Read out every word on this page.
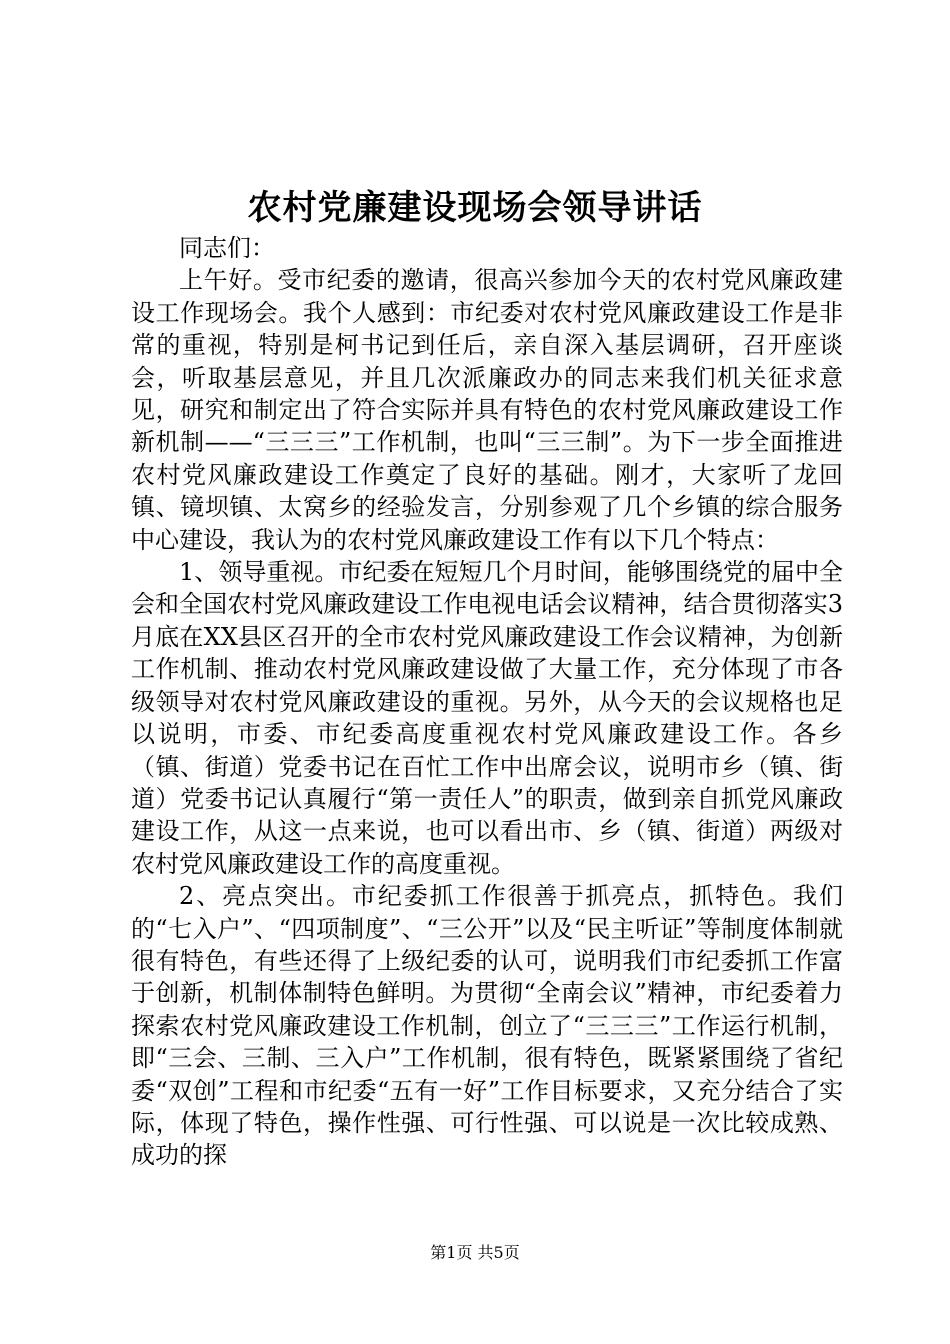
农村党廉建设现场会领导讲话

同志们：

上午好。受市纪委的邀请，很高兴参加今天的农村党风廉政建设工作现场会。我个人感到：市纪委对农村党风廉政建设工作是非常的重视，特别是柯书记到任后，亲自深入基层调研，召开座谈会，听取基层意见，并且几次派廉政办的同志来我们机关征求意见，研究和制定出了符合实际并具有特色的农村党风廉政建设工作新机制——“三三三”工作机制，也叫“三三制”。为下一步全面推进农村党风廉政建设工作奠定了良好的基础。刚才，大家听了龙回镇、镜坝镇、太窝乡的经验发言，分别参观了几个乡镇的综合服务中心建设，我认为的农村党风廉政建设工作有以下几个特点：

1、领导重视。市纪委在短短几个月时间，能够围绕党的届中全会和全国农村党风廉政建设工作电视电话会议精神，结合贯彻落实3月底在XX县区召开的全市农村党风廉政建设工作会议精神，为创新工作机制、推动农村党风廉政建设做了大量工作，充分体现了市各级领导对农村党风廉政建设的重视。另外，从今天的会议规格也足以说明，市委、市纪委高度重视农村党风廉政建设工作。各乡（镇、街道）党委书记在百忙工作中出席会议，说明市乡（镇、街道）党委书记认真履行“第一责任人”的职责，做到亲自抓党风廉政建设工作，从这一点来说，也可以看出市、乡（镇、街道）两级对农村党风廉政建设工作的高度重视。

2、亮点突出。市纪委抓工作很善于抓亮点，抓特色。我们的“七入户”、“四项制度”、“三公开”以及“民主听证”等制度体制就很有特色，有些还得了上级纪委的认可，说明我们市纪委抓工作富于创新，机制体制特色鲜明。为贯彻“全南会议”精神，市纪委着力探索农村党风廉政建设工作机制，创立了“三三三”工作运行机制，即“三会、三制、三入户”工作机制，很有特色，既紧紧围绕了省纪委“双创”工程和市纪委“五有一好”工作目标要求，又充分结合了实际，体现了特色，操作性强、可行性强、可以说是一次比较成熟、成功的探

第1页 共5页
